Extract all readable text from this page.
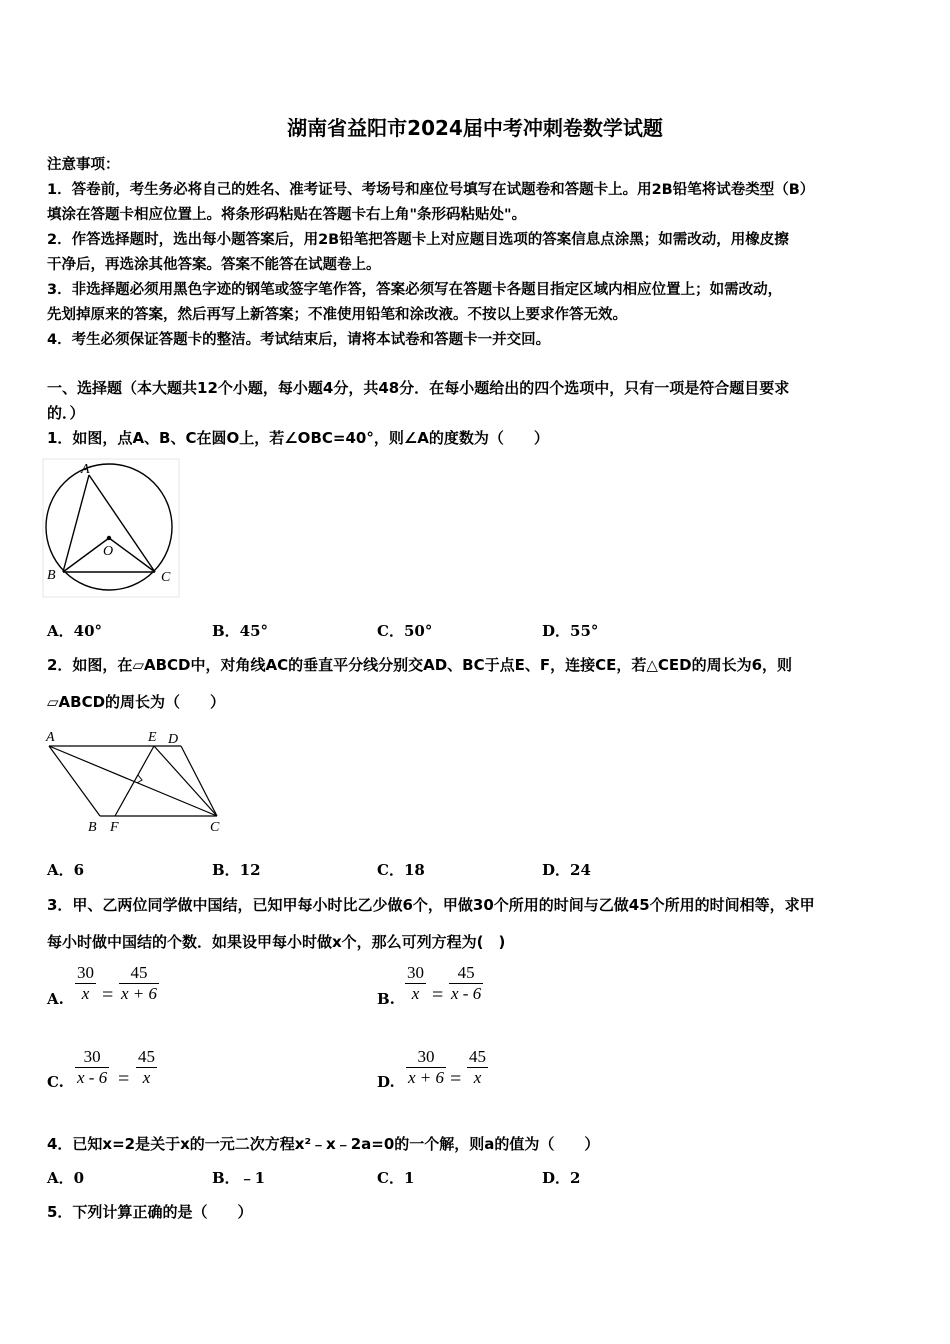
湖南省益阳市2024届中考冲刺卷数学试题
注意事项：
1．答卷前，考生务必将自己的姓名、准考证号、考场号和座位号填写在试题卷和答题卡上。用2B铅笔将试卷类型（B）
填涂在答题卡相应位置上。将条形码粘贴在答题卡右上角"条形码粘贴处"。
2．作答选择题时，选出每小题答案后，用2B铅笔把答题卡上对应题目选项的答案信息点涂黑；如需改动，用橡皮擦
干净后，再选涂其他答案。答案不能答在试题卷上。
3．非选择题必须用黑色字迹的钢笔或签字笔作答，答案必须写在答题卡各题目指定区域内相应位置上；如需改动，
先划掉原来的答案，然后再写上新答案；不准使用铅笔和涂改液。不按以上要求作答无效。
4．考生必须保证答题卡的整洁。考试结束后，请将本试卷和答题卡一并交回。
一、选择题（本大题共12个小题，每小题4分，共48分．在每小题给出的四个选项中，只有一项是符合题目要求
的．）
1．如图，点A、B、C在圆O上，若∠OBC=40°，则∠A的度数为（　　）
A
B	C
O
A．40°	B．45°	C．50°	D．55°
2．如图，在▱ABCD中，对角线AC的垂直平分线分别交AD、BC于点E、F，连接CE，若△CED的周长为6，则
▱ABCD的周长为（　　）
A	E D
B F	C
A．6	B．12	C．18	D．24
3．甲、乙两位同学做中国结，已知甲每小时比乙少做6个，甲做30个所用的时间与乙做45个所用的时间相等，求甲
每小时做中国结的个数．如果设甲每小时做x个，那么可列方程为(　)
A.
30
x =
45
x + 6	B.
30
x =
45
x - 6
C.
30
x - 6 =
45
x	D.
30
x + 6 =
45
x
4．已知x=2是关于x的一元二次方程x²﹣x﹣2a=0的一个解，则a的值为（　　）
A．0	B．﹣1	C．1	D．2
5．下列计算正确的是（　　）
